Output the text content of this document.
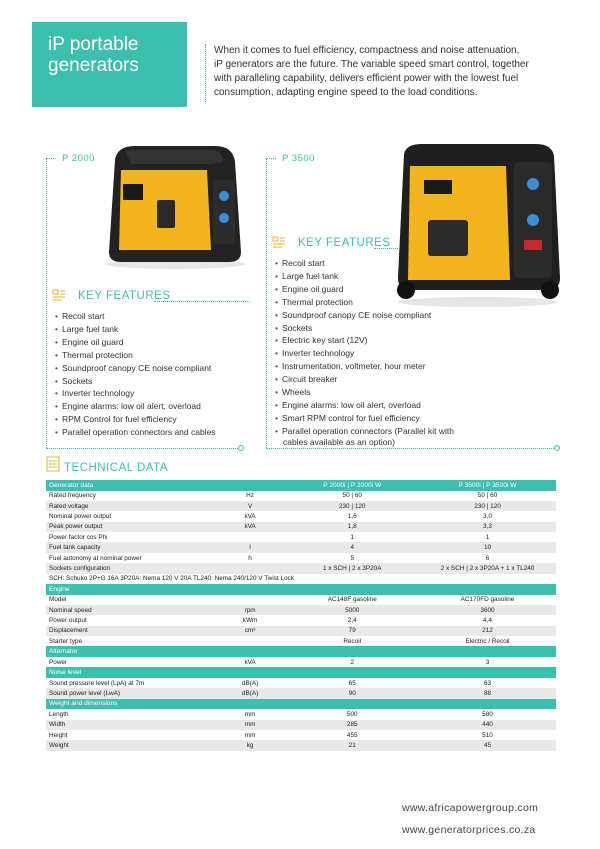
iP portable
generators
When it comes to fuel efficiency, compactness and noise attenuation,
iP generators are the future. The variable speed smart control, together
with paralleling capability, delivers efficient power with the lowest fuel
consumption, adapting engine speed to the load conditions.
P 2000
KEY FEATURES
• Recoil start
• Large fuel tank
• Engine oil guard
• Thermal protection
• Soundproof canopy CE noise compliant
• Sockets
• Inverter technology
• Engine alarms: low oil alert, overload
• RPM Control for fuel efficiency
• Parallel operation connectors and cables
P 3500
KEY FEATURES
• Recoil start
• Large fuel tank
• Engine oil guard
• Thermal protection
• Soundproof canopy CE noise compliant
• Sockets
• Electric key start (12V)
• Inverter technology
• Instrumentation, voltmeter, hour meter
• Circuit breaker
• Wheels
• Engine alarms: low oil alert, overload
• Smart RPM control for fuel efficiency
• Parallel operation connectors (Parallel kit with
cables available as an option)
TECHNICAL DATA
Generator data		P 2000i | P 2000i W	P 3500i | P 3500i W
Rated frequency	Hz	50 | 60	50 | 60
Rated voltage	V	230 | 120	230 | 120
Nominal power output	kVA	1,6	3,0
Peak power output	kVA	1,8	3,3
Power factor cos Phi		1	1
Fuel tank capacity	l	4	10
Fuel autonomy at nominal power	h	5	6
Sockets configuration		1 x SCH | 2 x 3P20A	2 x SCH | 2 x 3P20A + 1 x TL240
SCH: Schuko 2P+G 16A 3P20A: Nema 120 V 20A TL240: Nema 240/120 V Twist Lock			
Engine			
Model		AC148F gasoline	AC170FD gasoline
Nominal speed	rpm	5000	3600
Power output	kWm	2,4	4,4
Displacement	cm³	79	212
Starter type		Recoil	Electric / Recoil
Alternator			
Power	kVA	2	3
Noise level			
Sound pressure level (LpA) at 7m	dB(A)	65	63
Sound power level (LwA)	dB(A)	90	88
Weight and dimensions			
Length	mm	500	580
Width	mm	285	440
Height	mm	455	510
Weight	kg	21	45
www.africapowergroup.com
www.generatorprices.co.za
